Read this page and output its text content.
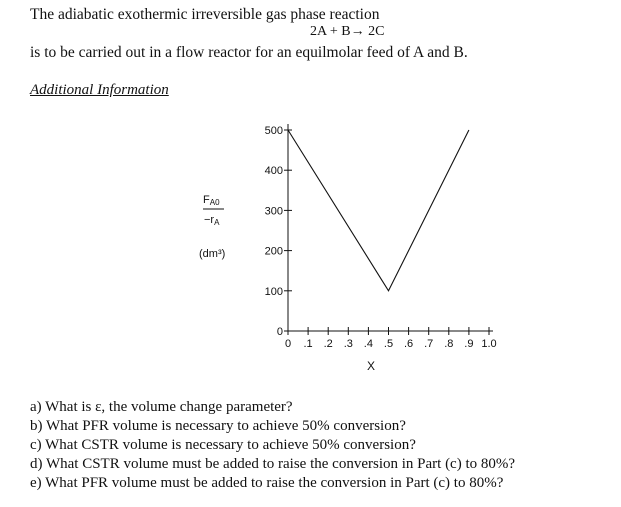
The adiabatic exothermic irreversible gas phase reaction
2A + B→ 2C
is to be carried out in a flow reactor for an equilmolar feed of A and B.
Additional Information
FA0
−rA
(dm³)
0
100
200
300
400
500
0 .1 .2 .3 .4 .5 .6 .7 .8 .9 1.0
X
a) What is ε, the volume change parameter?
b) What PFR volume is necessary to achieve 50% conversion?
c) What CSTR volume is necessary to achieve 50% conversion?
d) What CSTR volume must be added to raise the conversion in Part (c) to 80%?
e) What PFR volume must be added to raise the conversion in Part (c) to 80%?
